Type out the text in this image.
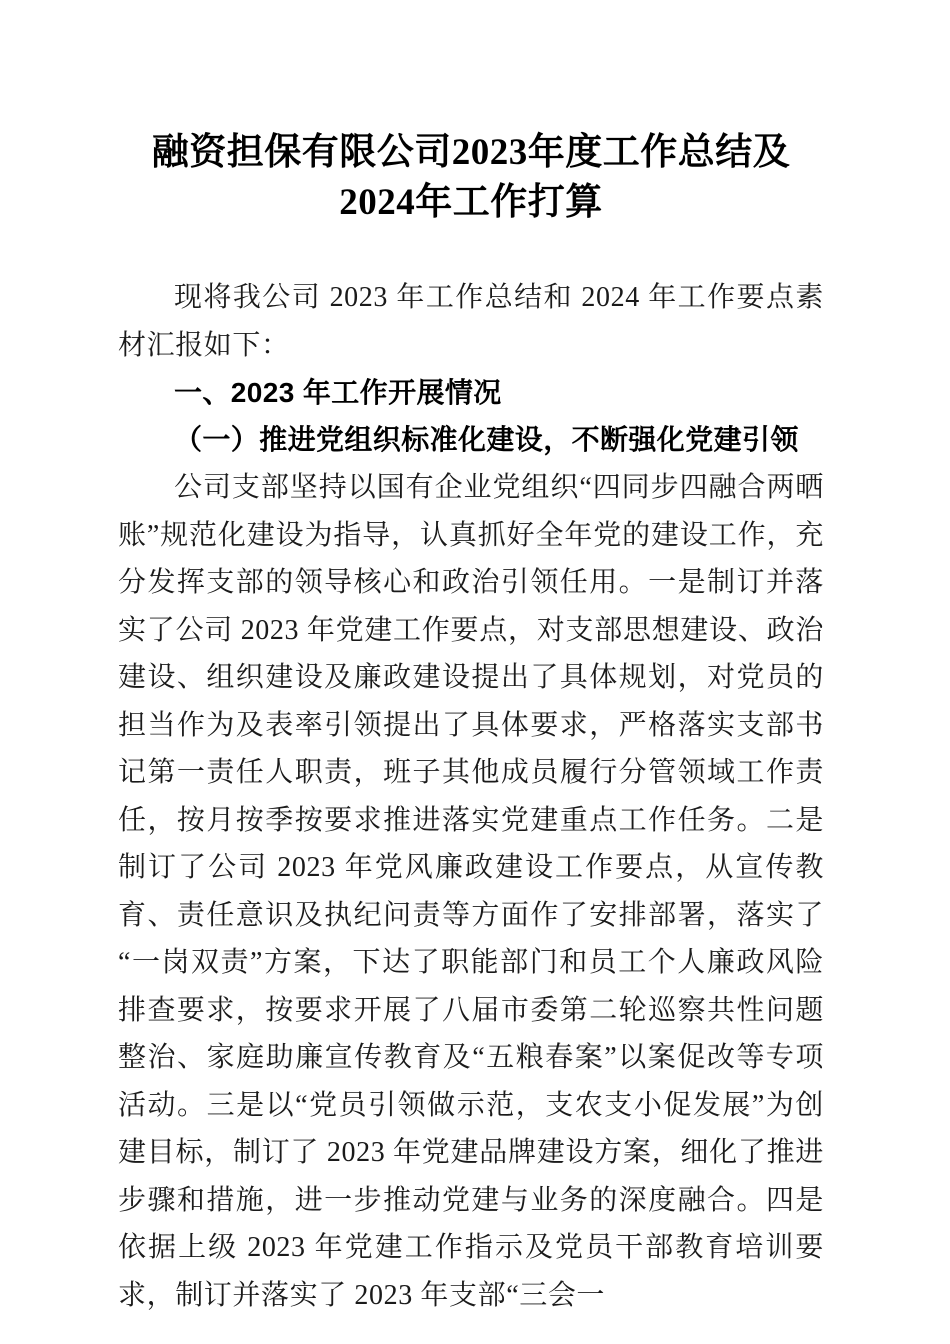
融资担保有限公司2023年度工作总结及2024年工作打算

现将我公司 2023 年工作总结和 2024 年工作要点素材汇报如下：

一、2023 年工作开展情况
（一）推进党组织标准化建设，不断强化党建引领

公司支部坚持以国有企业党组织“四同步四融合两晒账”规范化建设为指导，认真抓好全年党的建设工作，充分发挥支部的领导核心和政治引领任用。一是制订并落实了公司 2023 年党建工作要点，对支部思想建设、政治建设、组织建设及廉政建设提出了具体规划，对党员的担当作为及表率引领提出了具体要求，严格落实支部书记第一责任人职责，班子其他成员履行分管领域工作责任，按月按季按要求推进落实党建重点工作任务。二是制订了公司 2023 年党风廉政建设工作要点，从宣传教育、责任意识及执纪问责等方面作了安排部署，落实了“一岗双责”方案，下达了职能部门和员工个人廉政风险排查要求，按要求开展了八届市委第二轮巡察共性问题整治、家庭助廉宣传教育及“五粮春案”以案促改等专项活动。三是以“党员引领做示范，支农支小促发展”为创建目标，制订了 2023 年党建品牌建设方案，细化了推进步骤和措施，进一步推动党建与业务的深度融合。四是依据上级 2023 年党建工作指示及党员干部教育培训要求，制订并落实了 2023 年支部“三会一
